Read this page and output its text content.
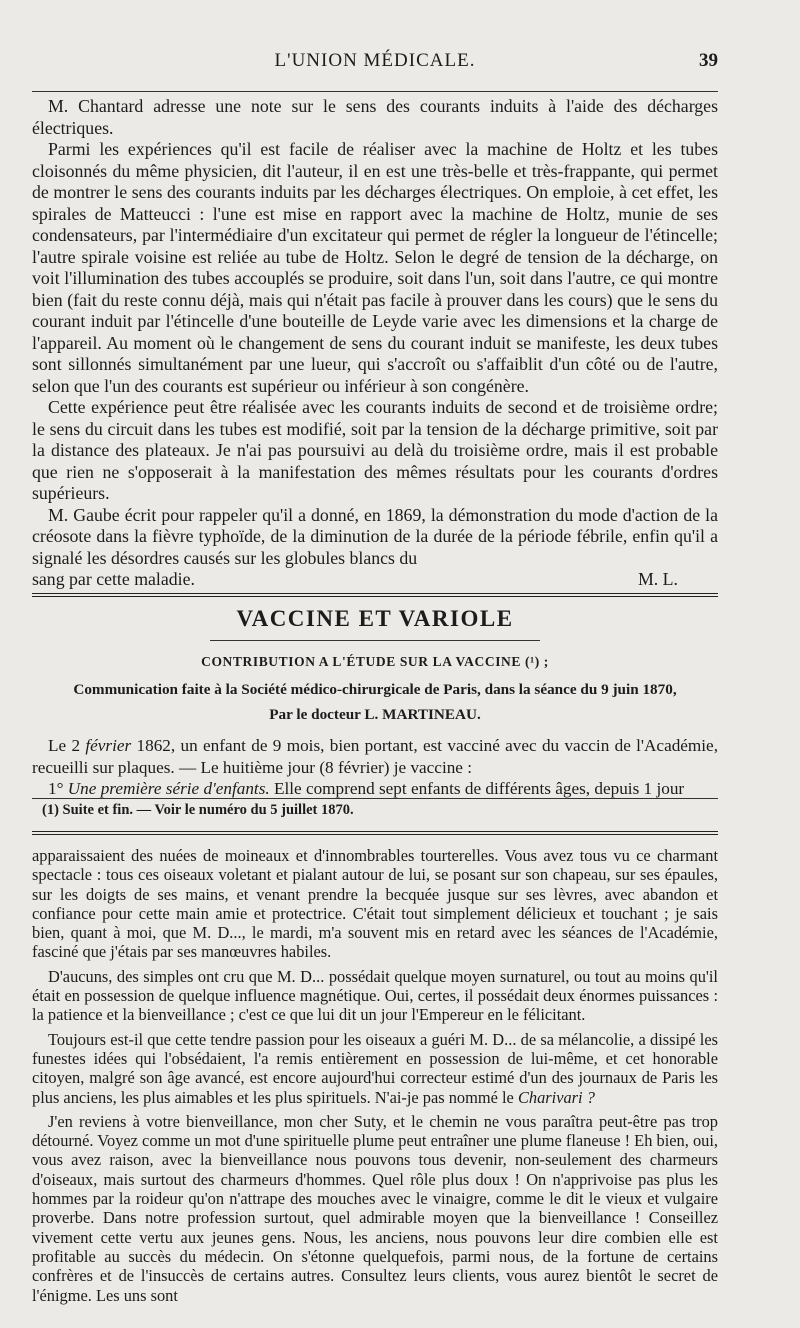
L'UNION MÉDICALE.	39

M. Chantard adresse une note sur le sens des courants induits à l'aide des décharges électriques.

Parmi les expériences qu'il est facile de réaliser avec la machine de Holtz et les tubes cloisonnés du même physicien, dit l'auteur, il en est une très-belle et très-frappante, qui permet de montrer le sens des courants induits par les décharges électriques. On emploie, à cet effet, les spirales de Matteucci : l'une est mise en rapport avec la machine de Holtz, munie de ses condensateurs, par l'intermédiaire d'un excitateur qui permet de régler la longueur de l'étincelle; l'autre spirale voisine est reliée au tube de Holtz. Selon le degré de tension de la décharge, on voit l'illumination des tubes accouplés se produire, soit dans l'un, soit dans l'autre, ce qui montre bien (fait du reste connu déjà, mais qui n'était pas facile à prouver dans les cours) que le sens du courant induit par l'étincelle d'une bouteille de Leyde varie avec les dimensions et la charge de l'appareil. Au moment où le changement de sens du courant induit se manifeste, les deux tubes sont sillonnés simultanément par une lueur, qui s'accroît ou s'affaiblit d'un côté ou de l'autre, selon que l'un des courants est supérieur ou inférieur à son congénère.

Cette expérience peut être réalisée avec les courants induits de second et de troisième ordre; le sens du circuit dans les tubes est modifié, soit par la tension de la décharge primitive, soit par la distance des plateaux. Je n'ai pas poursuivi au delà du troisième ordre, mais il est probable que rien ne s'opposerait à la manifestation des mêmes résultats pour les courants d'ordres supérieurs.

M. Gaube écrit pour rappeler qu'il a donné, en 1869, la démonstration du mode d'action de la créosote dans la fièvre typhoïde, de la diminution de la durée de la période fébrile, enfin qu'il a signalé les désordres causés sur les globules blancs du

sang par cette maladie.	M. L.

VACCINE ET VARIOLE
CONTRIBUTION A L'ÉTUDE SUR LA VACCINE (¹) ;
Communication faite à la Société médico-chirurgicale de Paris, dans la séance du 9 juin 1870,
Par le docteur L. MARTINEAU.

Le 2 février 1862, un enfant de 9 mois, bien portant, est vacciné avec du vaccin de l'Académie, recueilli sur plaques. — Le huitième jour (8 février) je vaccine :

1° Une première série d'enfants. Elle comprend sept enfants de différents âges, depuis 1 jour

(1) Suite et fin. — Voir le numéro du 5 juillet 1870.

apparaissaient des nuées de moineaux et d'innombrables tourterelles. Vous avez tous vu ce charmant spectacle : tous ces oiseaux voletant et pialant autour de lui, se posant sur son chapeau, sur ses épaules, sur les doigts de ses mains, et venant prendre la becquée jusque sur ses lèvres, avec abandon et confiance pour cette main amie et protectrice. C'était tout simplement délicieux et touchant ; je sais bien, quant à moi, que M. D..., le mardi, m'a souvent mis en retard avec les séances de l'Académie, fasciné que j'étais par ses manœuvres habiles.

D'aucuns, des simples ont cru que M. D... possédait quelque moyen surnaturel, ou tout au moins qu'il était en possession de quelque influence magnétique. Oui, certes, il possédait deux énormes puissances : la patience et la bienveillance ; c'est ce que lui dit un jour l'Empereur en le félicitant.

Toujours est-il que cette tendre passion pour les oiseaux a guéri M. D... de sa mélancolie, a dissipé les funestes idées qui l'obsédaient, l'a remis entièrement en possession de lui-même, et cet honorable citoyen, malgré son âge avancé, est encore aujourd'hui correcteur estimé d'un des journaux de Paris les plus anciens, les plus aimables et les plus spirituels. N'ai-je pas nommé le Charivari ?

J'en reviens à votre bienveillance, mon cher Suty, et le chemin ne vous paraîtra peut-être pas trop détourné. Voyez comme un mot d'une spirituelle plume peut entraîner une plume flaneuse ! Eh bien, oui, vous avez raison, avec la bienveillance nous pouvons tous devenir, non-seulement des charmeurs d'oiseaux, mais surtout des charmeurs d'hommes. Quel rôle plus doux ! On n'apprivoise pas plus les hommes par la roideur qu'on n'attrape des mouches avec le vinaigre, comme le dit le vieux et vulgaire proverbe. Dans notre profession surtout, quel admirable moyen que la bienveillance ! Conseillez vivement cette vertu aux jeunes gens. Nous, les anciens, nous pouvons leur dire combien elle est profitable au succès du médecin. On s'étonne quelquefois, parmi nous, de la fortune de certains confrères et de l'insuccès de certains autres. Consultez leurs clients, vous aurez bientôt le secret de l'énigme. Les uns sont
